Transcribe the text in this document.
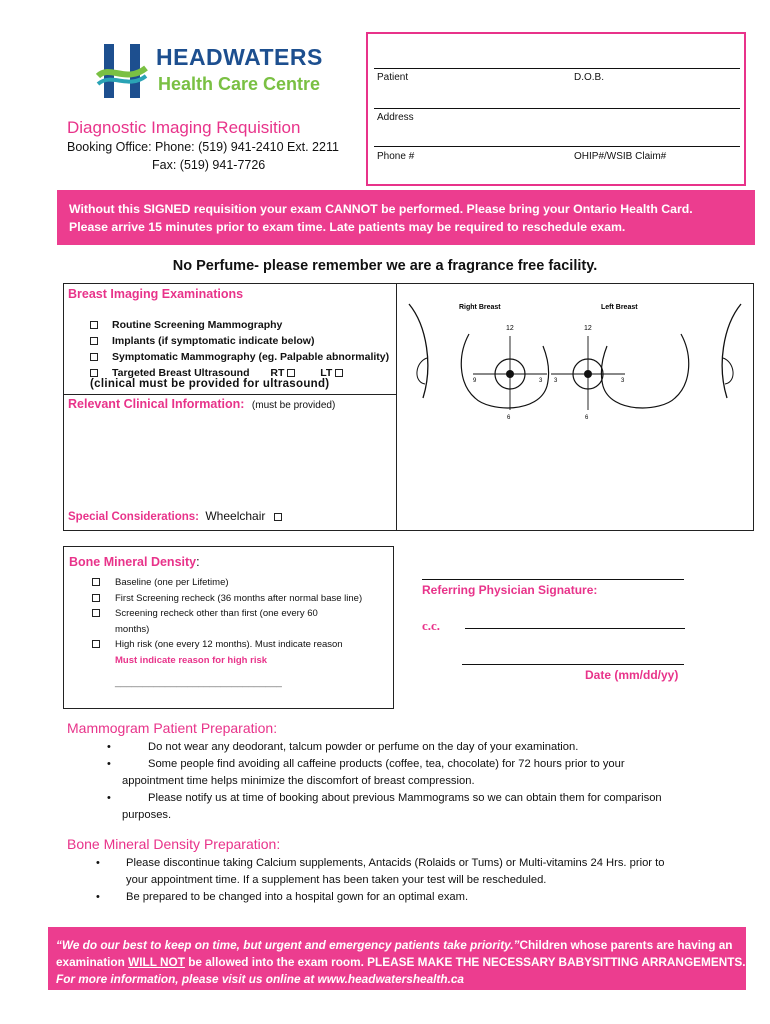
HEADWATERS
Health Care Centre
Diagnostic Imaging Requisition
Booking Office: Phone: (519) 941-2410 Ext. 2211
Fax: (519) 941-7726
Patient	D.O.B.
Address
Phone #	OHIP#/WSIB Claim#
Without this SIGNED requisition your exam CANNOT be performed. Please bring your Ontario Health Card.
Please arrive 15 minutes prior to exam time. Late patients may be required to reschedule exam.
No Perfume- please remember we are a fragrance free facility.
Breast Imaging Examinations
Routine Screening Mammography
Implants (if symptomatic indicate below)
Symptomatic Mammography (eg. Palpable abnormality)
Targeted Breast Ultrasound RT	LT
(clinical must be provided for ultrasound)
Relevant Clinical Information: (must be provided)
Special Considerations: Wheelchair
Right Breast	Left Breast
12
3
6
9
12
3
6
3
Bone Mineral Density:
Baseline (one per Lifetime)
First Screening recheck (36 months after normal base line)
Screening recheck other than first (one every 60
months)
High risk (one every 12 months). Must indicate reason
Must indicate reason for high risk
______________________________
Referring Physician Signature:
c.c.
Date (mm/dd/yy)
Mammogram Patient Preparation:
• Do not wear any deodorant, talcum powder or perfume on the day of your examination.
• Some people find avoiding all caffeine products (coffee, tea, chocolate) for 72 hours prior to your
appointment time helps minimize the discomfort of breast compression.
• Please notify us at time of booking about previous Mammograms so we can obtain them for comparison
purposes.
Bone Mineral Density Preparation:
• Please discontinue taking Calcium supplements, Antacids (Rolaids or Tums) or Multi-vitamins 24 Hrs. prior to
your appointment time. If a supplement has been taken your test will be rescheduled.
• Be prepared to be changed into a hospital gown for an optimal exam.
“We do our best to keep on time, but urgent and emergency patients take priority.”Children whose parents are having an
examination WILL NOT be allowed into the exam room. PLEASE MAKE THE NECESSARY BABYSITTING ARRANGEMENTS.
For more information, please visit us online at www.headwatershealth.ca
